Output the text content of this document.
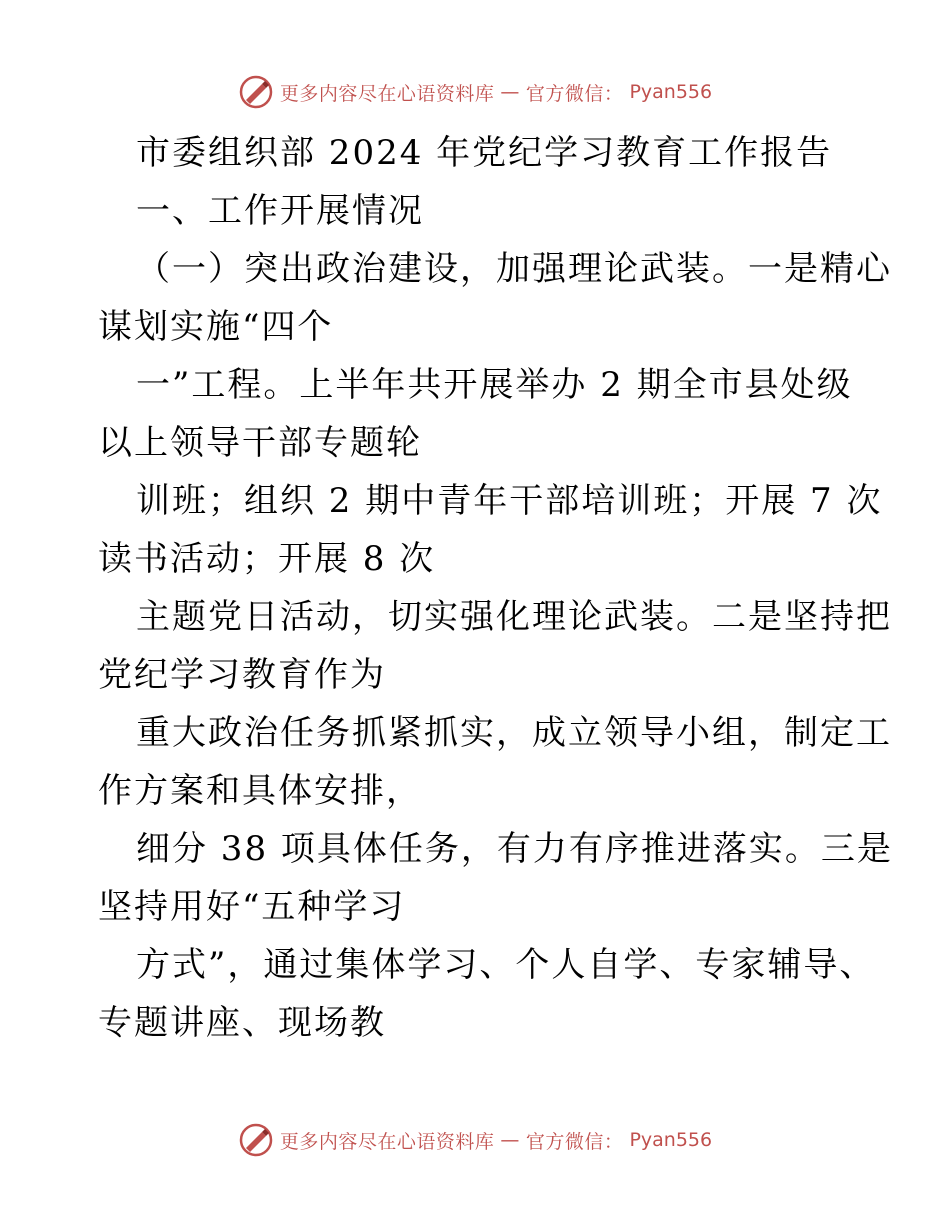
更多内容尽在心语资料库 — 官方微信： Pyan556
市委组织部 2024 年党纪学习教育工作报告
一、工作开展情况
（一）突出政治建设，加强理论武装。一是精心
谋划实施“四个
一”工程。上半年共开展举办 2 期全市县处级
以上领导干部专题轮
训班；组织 2 期中青年干部培训班；开展 7 次
读书活动；开展 8 次
主题党日活动，切实强化理论武装。二是坚持把
党纪学习教育作为
重大政治任务抓紧抓实，成立领导小组，制定工
作方案和具体安排，
细分 38 项具体任务，有力有序推进落实。三是
坚持用好“五种学习
方式”，通过集体学习、个人自学、专家辅导、
专题讲座、现场教
更多内容尽在心语资料库 — 官方微信： Pyan556
